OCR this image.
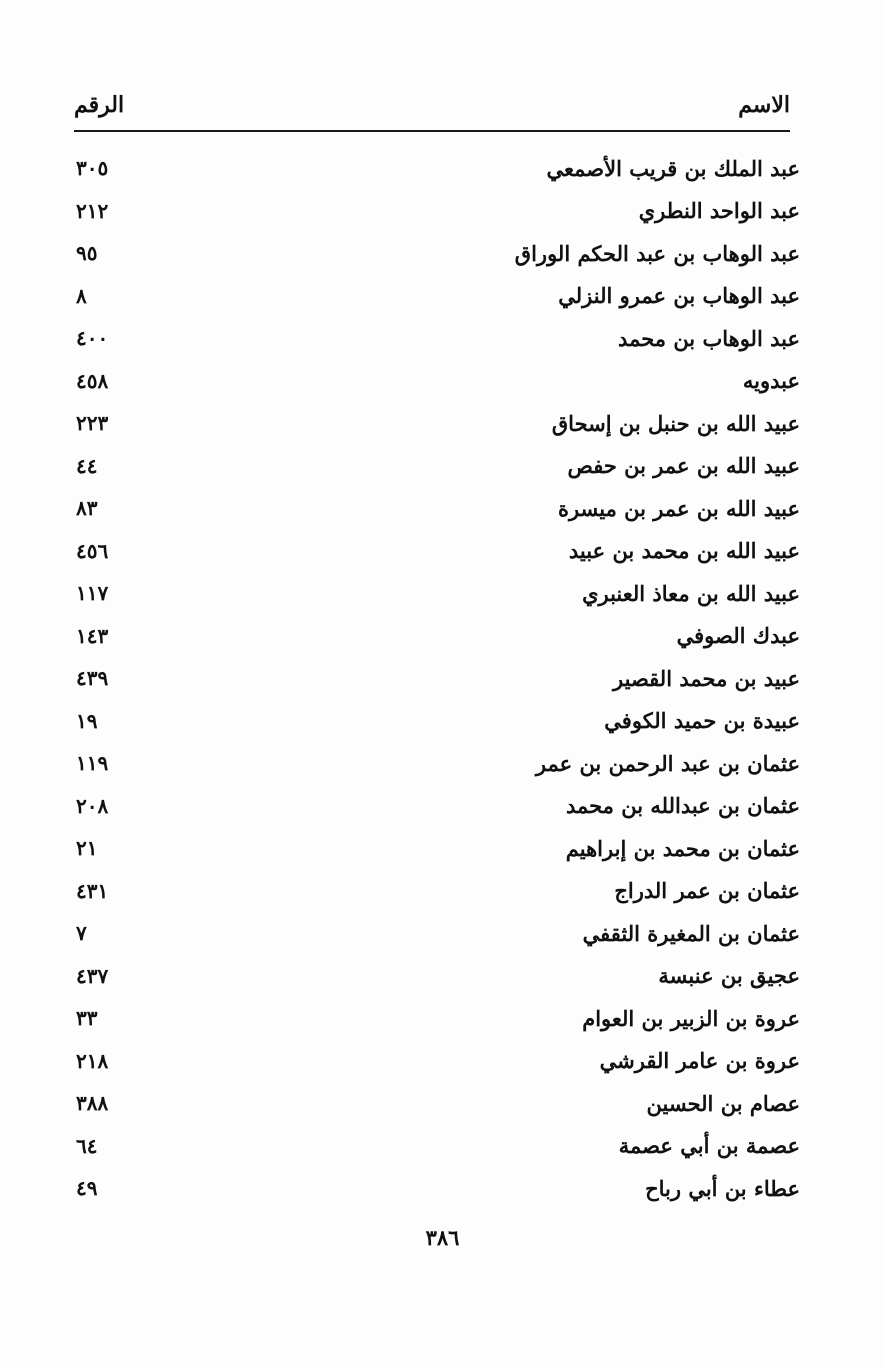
الاسم
الرقم
عبد الملك بن قريب الأصمعي
٣٠٥
عبد الواحد النطري
٢١٢
عبد الوهاب بن عبد الحكم الوراق
٩٥
عبد الوهاب بن عمرو النزلي
٨
عبد الوهاب بن محمد
٤٠٠
عبدويه
٤٥٨
عبيد الله بن حنبل بن إسحاق
٢٢٣
عبيد الله بن عمر بن حفص
٤٤
عبيد الله بن عمر بن ميسرة
٨٣
عبيد الله بن محمد بن عبيد
٤٥٦
عبيد الله بن معاذ العنبري
١١٧
عبدك الصوفي
١٤٣
عبيد بن محمد القصير
٤٣٩
عبيدة بن حميد الكوفي
١٩
عثمان بن عبد الرحمن بن عمر
١١٩
عثمان بن عبدالله بن محمد
٢٠٨
عثمان بن محمد بن إبراهيم
٢١
عثمان بن عمر الدراج
٤٣١
عثمان بن المغيرة الثقفي
٧
عجيق بن عنبسة
٤٣٧
عروة بن الزبير بن العوام
٣٣
عروة بن عامر القرشي
٢١٨
عصام بن الحسين
٣٨٨
عصمة بن أبي عصمة
٦٤
عطاء بن أبي رباح
٤٩
٣٨٦
